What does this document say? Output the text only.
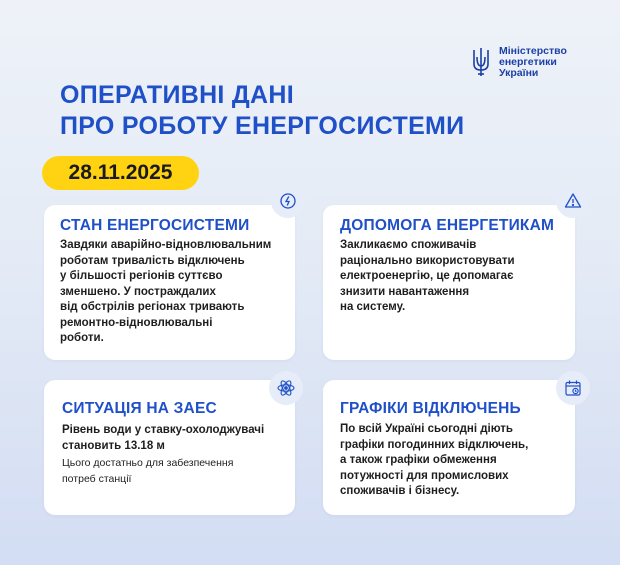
Міністерство
енергетики
України
ОПЕРАТИВНІ ДАНІ
ПРО РОБОТУ ЕНЕРГОСИСТЕМИ
28.11.2025
СТАН ЕНЕРГОСИСТЕМИ
Завдяки аварійно-відновлювальним
роботам тривалість відключень
у більшості регіонів суттєво
зменшено. У постраждалих
від обстрілів регіонах тривають
ремонтно-відновлювальні
роботи.
ДОПОМОГА ЕНЕРГЕТИКАМ
Закликаємо споживачів
раціонально використовувати
електроенергію, це допомагає
знизити навантаження
на систему.
СИТУАЦІЯ НА ЗАЕС
Рівень води у ставку-охолоджувачі
становить 13.18 м
Цього достатньо для забезпечення
потреб станції
ГРАФІКИ ВІДКЛЮЧЕНЬ
По всій Україні сьогодні діють
графіки погодинних відключень,
а також графіки обмеження
потужності для промислових
споживачів і бізнесу.
